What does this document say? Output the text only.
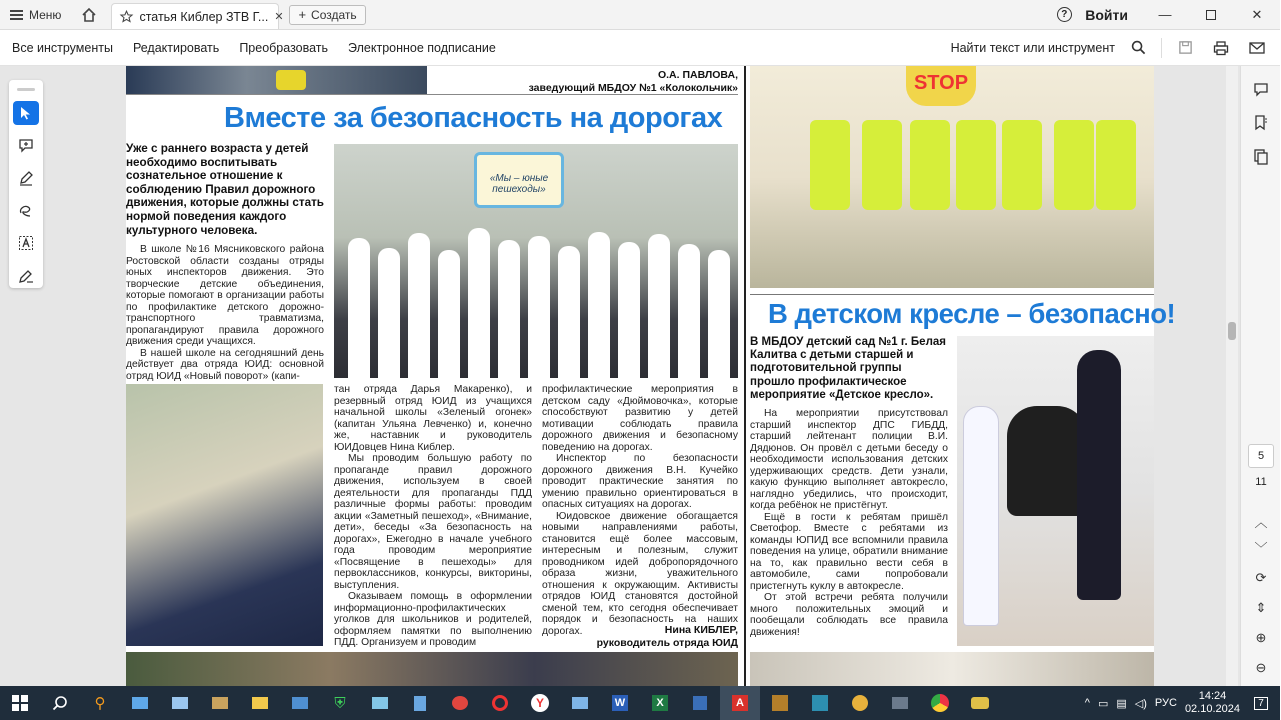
Меню	статья Киблер ЗТВ Г... ✕ + Создать	?	Войти	—	✕
Все инструменты	Редактировать	Преобразовать	Электронное подписание	Найти текст или инструмент
О.А. ПАВЛОВА,
заведующий МБДОУ №1 «Колокольчик»
Вместе за безопасность на дорогах
Уже с раннего возраста у детей необходимо воспитывать сознательное отношение к соблюдению Правил дорожного движения, которые должны стать нормой поведения каждого культурного человека.

В школе №16 Мясниковского района Ростовской области созданы отряды юных инспекторов движения. Это творческие детские объединения, которые помогают в организации работы по профилактике детского дорожно-транспортного травматизма, пропагандируют правила дорожного движения среди учащихся.

В нашей школе на сегодняшний день действует два отряда ЮИД: основной отряд ЮИД «Новый поворот» (капи-

«Мы – юные пешеходы»

тан отряда Дарья Макаренко), и резервный отряд ЮИД из учащихся начальной школы «Зеленый огонек» (капитан Ульяна Левченко) и, конечно же, наставник и руководитель ЮИДовцев Нина Киблер.

Мы проводим большую работу по пропаганде правил дорожного движения, используем в своей деятельности для пропаганды ПДД различные формы работы: проводим акции «Заметный пешеход», «Внимание, дети», беседы «За безопасность на дорогах», Ежегодно в начале учебного года проводим мероприятие «Посвящение в пешеходы» для первоклассников, конкурсы, викторины, выступления.

Оказываем помощь в оформлении информационно-профилактических уголков для школьников и родителей, оформляем памятки по выполнению ПДД. Организуем и проводим

профилактические мероприятия в детском саду «Дюймовочка», которые способствуют развитию у детей мотивации соблюдать правила дорожного движения и безопасному поведению на дорогах.

Инспектор по безопасности дорожного движения В.Н. Кучейко проводит практические занятия по умению правильно ориентироваться в опасных ситуациях на дорогах.

Юидовское движение обогащается новыми направлениями работы, становится ещё более массовым, интересным и полезным, служит проводником идей добропорядочного образа жизни, уважительного отношения к окружающим. Активисты отрядов ЮИД становятся достойной сменой тем, кто сегодня обеспечивает порядок и безопасность на наших дорогах.	Нина КИБЛЕР,
руководитель отряда ЮИД
STOP
В детском кресле – безопасно!
В МБДОУ детский сад №1 г. Белая Калитва с детьми старшей и подготовительной группы прошло профилактическое мероприятие «Детское кресло».

На мероприятии присутствовал старший инспектор ДПС ГИБДД, старший лейтенант полиции В.И. Дядюнов. Он провёл с детьми беседу о необходимости использования детских удерживающих средств. Дети узнали, какую функцию выполняет автокресло, наглядно убедились, что происходит, когда ребёнок не пристёгнут.

Ещё в гости к ребятам пришёл Светофор. Вместе с ребятами из команды ЮПИД все вспомнили правила поведения на улице, обратили внимание на то, как правильно вести себя в автомобиле, сами попробовали пристегнуть куклу в автокресле.

От этой встречи ребята получили много положительных эмоций и пообещали соблюдать все правила движения!

5
11
︿
﹀
⟳
⇕
⊕
⊖
⚲	⛨	Y	W	X	A	^ ▭ ▤ ◁) РУС
14:24
02.10.2024	7
